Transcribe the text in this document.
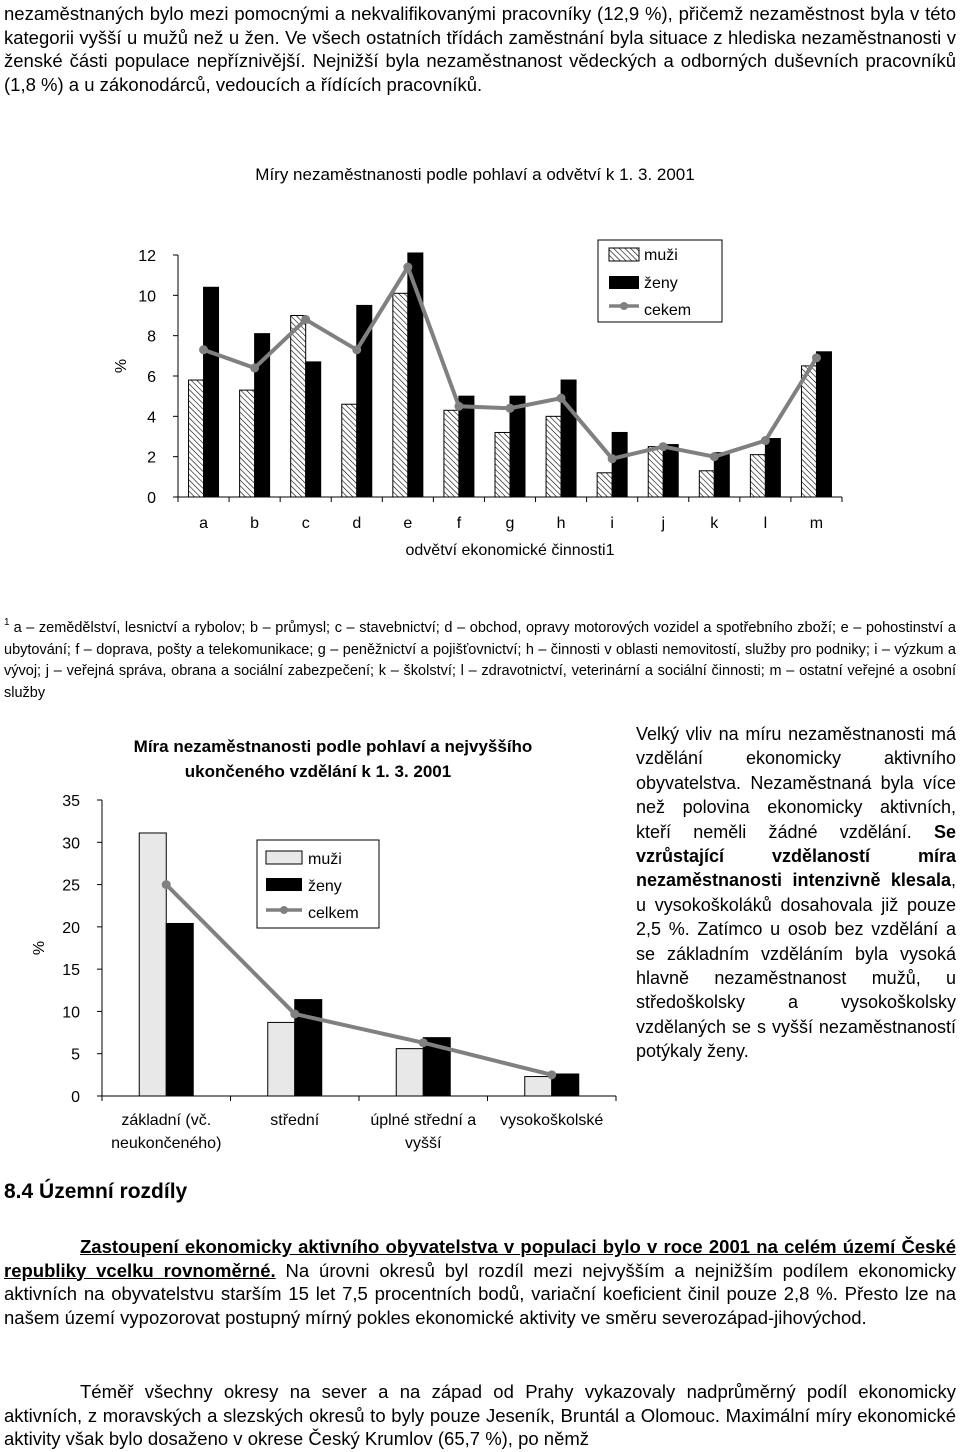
nezaměstnaných bylo mezi pomocnými a nekvalifikovanými pracovníky (12,9 %), přičemž nezaměstnost byla v této kategorii vyšší u mužů než u žen. Ve všech ostatních třídách zaměstnání byla situace z hlediska nezaměstnanosti v ženské části populace nepříznivější. Nejnižší byla nezaměstnanost vědeckých a odborných duševních pracovníků (1,8 %) a u zákonodárců, vedoucích a řídících pracovníků.

Míry nezaměstnanosti podle pohlaví a odvětví k 1. 3. 2001
%
odvětví ekonomické činnosti1
0
2
4
6
8
10
12
a	b	c	d	e	f	g	h	i	j	k	l	m
muži
ženy
cekem

$^1$ a – zemědělství, lesnictví a rybolov; b – průmysl; c – stavebnictví; d – obchod, opravy motorových vozidel a spotřebního zboží; e – pohostinství a ubytování; f – doprava, pošty a telekomunikace; g – peněžnictví a pojišťovnictví; h – činnosti v oblasti nemovitostí, služby pro podniky; i – výzkum a vývoj; j – veřejná správa, obrana a sociální zabezpečení; k – školství; l – zdravotnictví, veterinární a sociální činnosti; m – ostatní veřejné a osobní služby

Míra nezaměstnanosti podle pohlaví a nejvyššího
ukončeného vzdělání k 1. 3. 2001
%
0
5
10
15
20
25
30
35
základní (vč.
neukončeného)
střední	úplné střední a
vyšší
vysokoškolské
muži
ženy
celkem

Velký vliv na míru nezaměstnanosti má vzdělání ekonomicky aktivního obyvatelstva. Nezaměstnaná byla více než polovina ekonomicky aktivních, kteří neměli žádné vzdělání. Se vzrůstající vzdělaností míra nezaměstnanosti intenzivně klesala, u vysokoškoláků dosahovala již pouze 2,5 %. Zatímco u osob bez vzdělání a se základním vzděláním byla vysoká hlavně nezaměstnanost mužů, u středoškolsky a vysokoškolsky vzdělaných se s vyšší nezaměstnaností potýkaly ženy.

8.4 Územní rozdíly

Zastoupení ekonomicky aktivního obyvatelstva v populaci bylo v roce 2001 na celém území České republiky vcelku rovnoměrné. Na úrovni okresů byl rozdíl mezi nejvyšším a nejnižším podílem ekonomicky aktivních na obyvatelstvu starším 15 let 7,5 procentních bodů, variační koeficient činil pouze 2,8 %. Přesto lze na našem území vypozorovat postupný mírný pokles ekonomické aktivity ve směru severozápad-jihovýchod.

Téměř všechny okresy na sever a na západ od Prahy vykazovaly nadprůměrný podíl ekonomicky aktivních, z moravských a slezských okresů to byly pouze Jeseník, Bruntál a Olomouc. Maximální míry ekonomické aktivity však bylo dosaženo v okrese Český Krumlov (65,7 %), po němž
